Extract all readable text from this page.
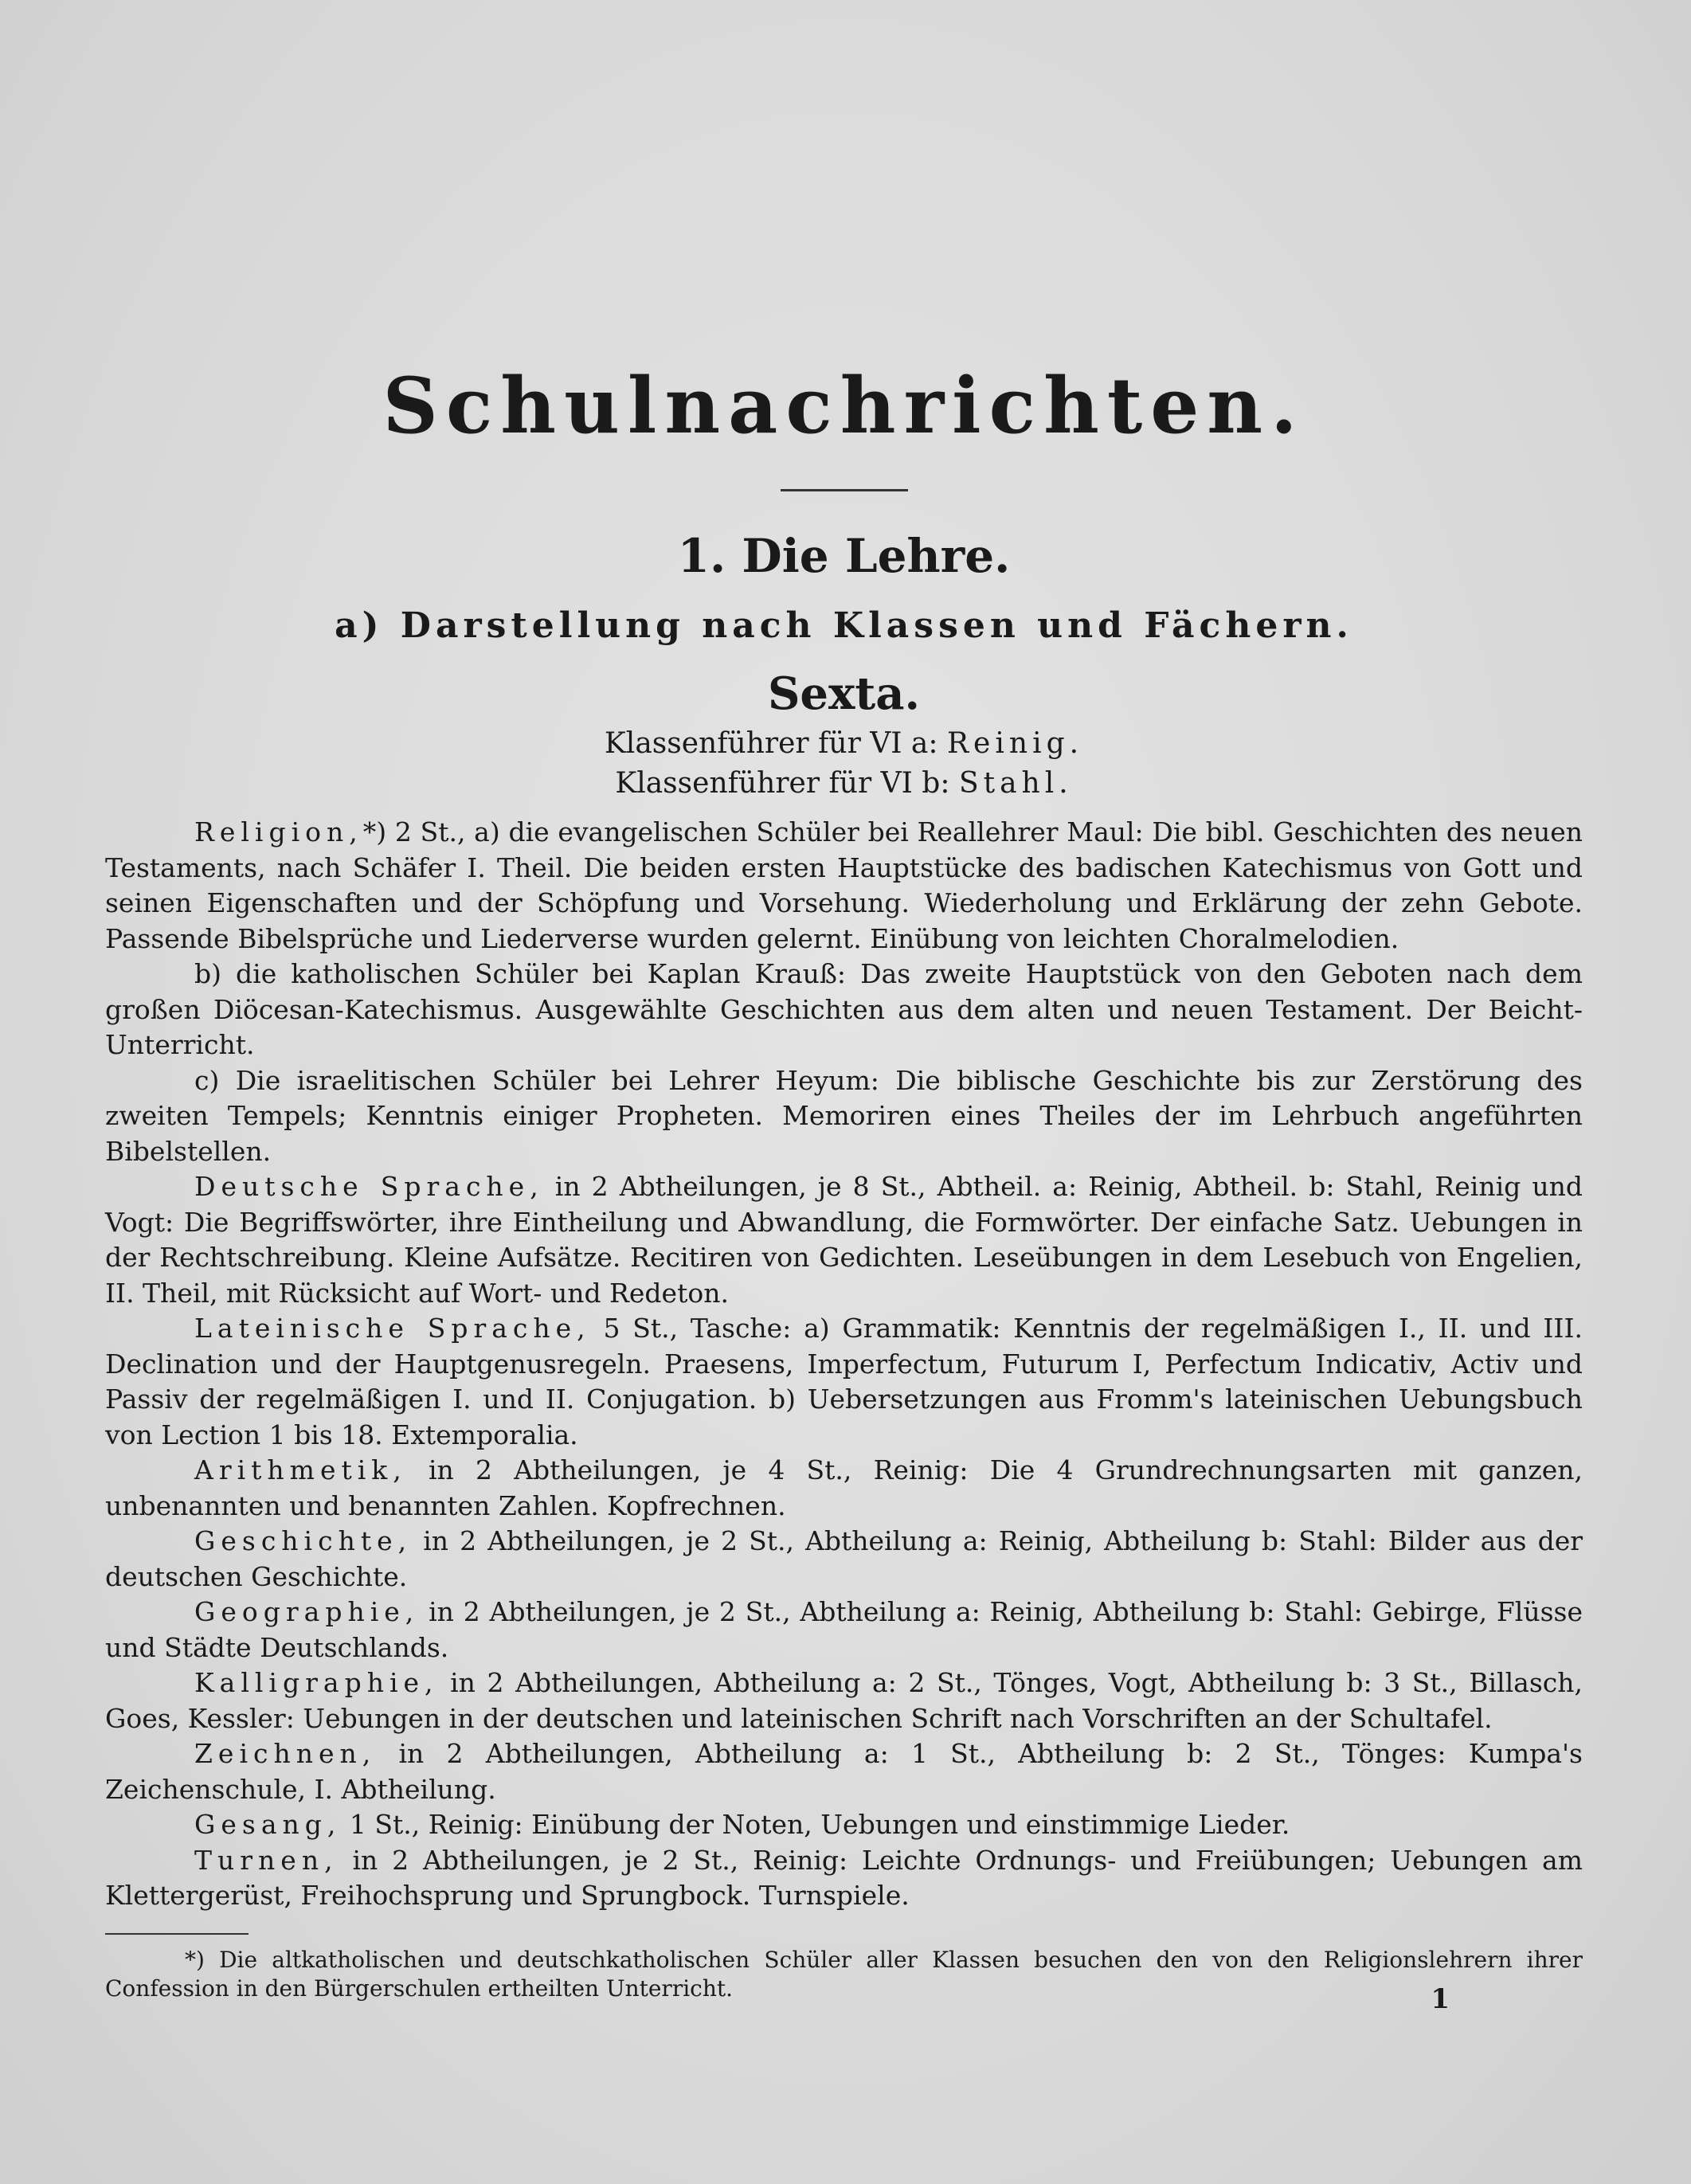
Schulnachrichten.
1. Die Lehre.
a) Darstellung nach Klassen und Fächern.
Sexta.

Klassenführer für VI a: Reinig.

Klassenführer für VI b: Stahl.

Religion,*) 2 St., a) die evangelischen Schüler bei Reallehrer Maul: Die bibl. Geschichten des neuen Testaments, nach Schäfer I. Theil. Die beiden ersten Hauptstücke des badischen Katechismus von Gott und seinen Eigenschaften und der Schöpfung und Vorsehung. Wiederholung und Erklärung der zehn Gebote. Passende Bibelsprüche und Liederverse wurden gelernt. Einübung von leichten Choralmelodien.

b) die katholischen Schüler bei Kaplan Krauß: Das zweite Hauptstück von den Geboten nach dem großen Diöcesan-Katechismus. Ausgewählte Geschichten aus dem alten und neuen Testament. Der Beicht-Unterricht.

c) Die israelitischen Schüler bei Lehrer Heyum: Die biblische Geschichte bis zur Zerstörung des zweiten Tempels; Kenntnis einiger Propheten. Memoriren eines Theiles der im Lehrbuch angeführten Bibelstellen.

Deutsche Sprache, in 2 Abtheilungen, je 8 St., Abtheil. a: Reinig, Abtheil. b: Stahl, Reinig und Vogt: Die Begriffswörter, ihre Eintheilung und Abwandlung, die Formwörter. Der einfache Satz. Uebungen in der Rechtschreibung. Kleine Aufsätze. Recitiren von Gedichten. Leseübungen in dem Lesebuch von Engelien, II. Theil, mit Rücksicht auf Wort- und Redeton.

Lateinische Sprache, 5 St., Tasche: a) Grammatik: Kenntnis der regelmäßigen I., II. und III. Declination und der Hauptgenusregeln. Praesens, Imperfectum, Futurum I, Perfectum Indicativ, Activ und Passiv der regelmäßigen I. und II. Conjugation. b) Uebersetzungen aus Fromm's lateinischen Uebungsbuch von Lection 1 bis 18. Extemporalia.

Arithmetik, in 2 Abtheilungen, je 4 St., Reinig: Die 4 Grundrechnungsarten mit ganzen, unbenannten und benannten Zahlen. Kopfrechnen.

Geschichte, in 2 Abtheilungen, je 2 St., Abtheilung a: Reinig, Abtheilung b: Stahl: Bilder aus der deutschen Geschichte.

Geographie, in 2 Abtheilungen, je 2 St., Abtheilung a: Reinig, Abtheilung b: Stahl: Gebirge, Flüsse und Städte Deutschlands.

Kalligraphie, in 2 Abtheilungen, Abtheilung a: 2 St., Tönges, Vogt, Abtheilung b: 3 St., Billasch, Goes, Kessler: Uebungen in der deutschen und lateinischen Schrift nach Vorschriften an der Schultafel.

Zeichnen, in 2 Abtheilungen, Abtheilung a: 1 St., Abtheilung b: 2 St., Tönges: Kumpa's Zeichenschule, I. Abtheilung.

Gesang, 1 St., Reinig: Einübung der Noten, Uebungen und einstimmige Lieder.

Turnen, in 2 Abtheilungen, je 2 St., Reinig: Leichte Ordnungs- und Freiübungen; Uebungen am Klettergerüst, Freihochsprung und Sprungbock. Turnspiele.

*) Die altkatholischen und deutschkatholischen Schüler aller Klassen besuchen den von den Religionslehrern ihrer Confession in den Bürgerschulen ertheilten Unterricht.	1
